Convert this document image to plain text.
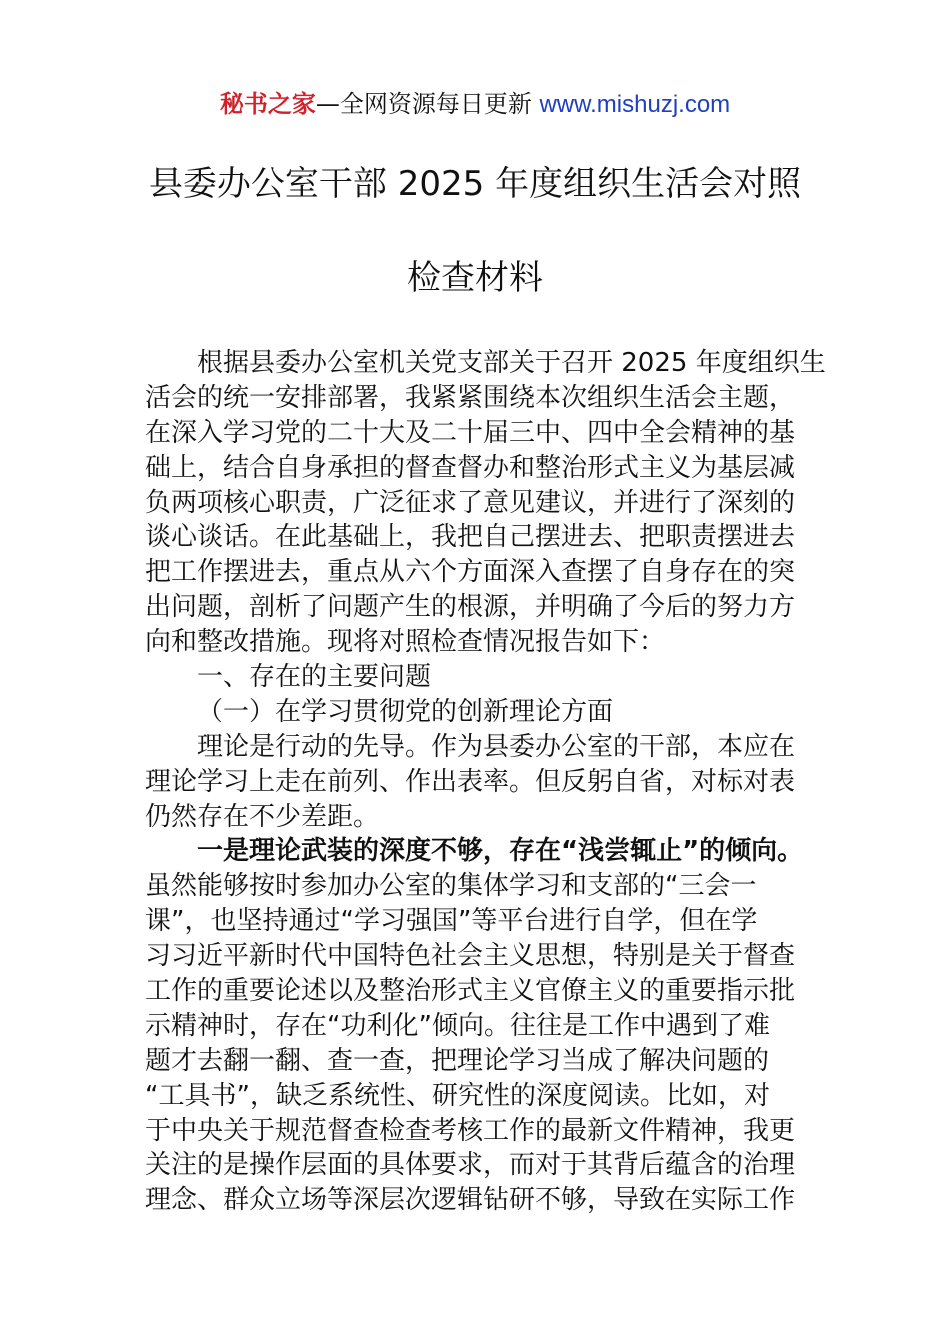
秘书之家—全网资源每日更新 www.mishuzj.com
县委办公室干部 2025 年度组织生活会对照
检查材料
根据县委办公室机关党支部关于召开 2025 年度组织生
活会的统一安排部署，我紧紧围绕本次组织生活会主题，
在深入学习党的二十大及二十届三中、四中全会精神的基
础上，结合自身承担的督查督办和整治形式主义为基层减
负两项核心职责，广泛征求了意见建议，并进行了深刻的
谈心谈话。在此基础上，我把自己摆进去、把职责摆进去
把工作摆进去，重点从六个方面深入查摆了自身存在的突
出问题，剖析了问题产生的根源，并明确了今后的努力方
向和整改措施。现将对照检查情况报告如下：
一、存在的主要问题
（一）在学习贯彻党的创新理论方面
理论是行动的先导。作为县委办公室的干部，本应在
理论学习上走在前列、作出表率。但反躬自省，对标对表
仍然存在不少差距。
一是理论武装的深度不够，存在“浅尝辄止”的倾向。
虽然能够按时参加办公室的集体学习和支部的“三会一
课”，也坚持通过“学习强国”等平台进行自学，但在学
习习近平新时代中国特色社会主义思想，特别是关于督查
工作的重要论述以及整治形式主义官僚主义的重要指示批
示精神时，存在“功利化”倾向。往往是工作中遇到了难
题才去翻一翻、查一查，把理论学习当成了解决问题的
“工具书”，缺乏系统性、研究性的深度阅读。比如，对
于中央关于规范督查检查考核工作的最新文件精神，我更
关注的是操作层面的具体要求，而对于其背后蕴含的治理
理念、群众立场等深层次逻辑钻研不够，导致在实际工作
